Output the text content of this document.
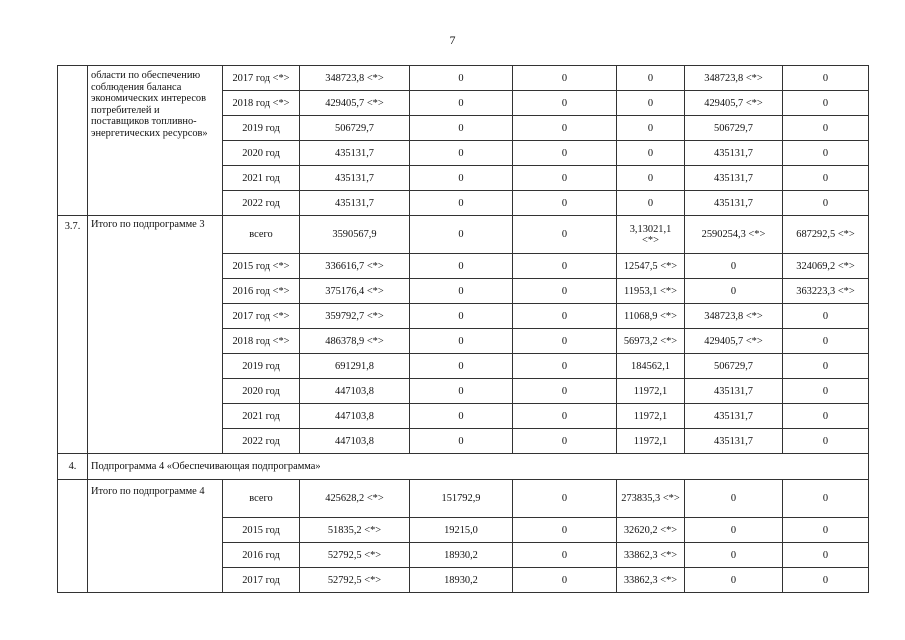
7
	области по обеспечению соблюдения баланса экономических интересов потребителей и поставщиков топливно-энергетических ресурсов»	2017 год <*>	348723,8 <*>	0	0	0	348723,8 <*>	0
		2018 год <*>	429405,7 <*>	0	0	0	429405,7 <*>	0
		2019 год	506729,7	0	0	0	506729,7	0
		2020 год	435131,7	0	0	0	435131,7	0
		2021 год	435131,7	0	0	0	435131,7	0
		2022 год	435131,7	0	0	0	435131,7	0
3.7.	Итого по подпрограмме 3	всего	3590567,9	0	0	3,13021,1 <*>	2590254,3 <*>	687292,5 <*>
		2015 год <*>	336616,7 <*>	0	0	12547,5 <*>	0	324069,2 <*>
		2016 год <*>	375176,4 <*>	0	0	11953,1 <*>	0	363223,3 <*>
		2017 год <*>	359792,7 <*>	0	0	11068,9 <*>	348723,8 <*>	0
		2018 год <*>	486378,9 <*>	0	0	56973,2 <*>	429405,7 <*>	0
		2019 год	691291,8	0	0	184562,1	506729,7	0
		2020 год	447103,8	0	0	11972,1	435131,7	0
		2021 год	447103,8	0	0	11972,1	435131,7	0
		2022 год	447103,8	0	0	11972,1	435131,7	0
4.	Подпрограмма 4 «Обеспечивающая подпрограмма»							
	Итого по подпрограмме 4	всего	425628,2 <*>	151792,9	0	273835,3 <*>	0	0
		2015 год	51835,2 <*>	19215,0	0	32620,2 <*>	0	0
		2016 год	52792,5 <*>	18930,2	0	33862,3 <*>	0	0
		2017 год	52792,5 <*>	18930,2	0	33862,3 <*>	0	0
